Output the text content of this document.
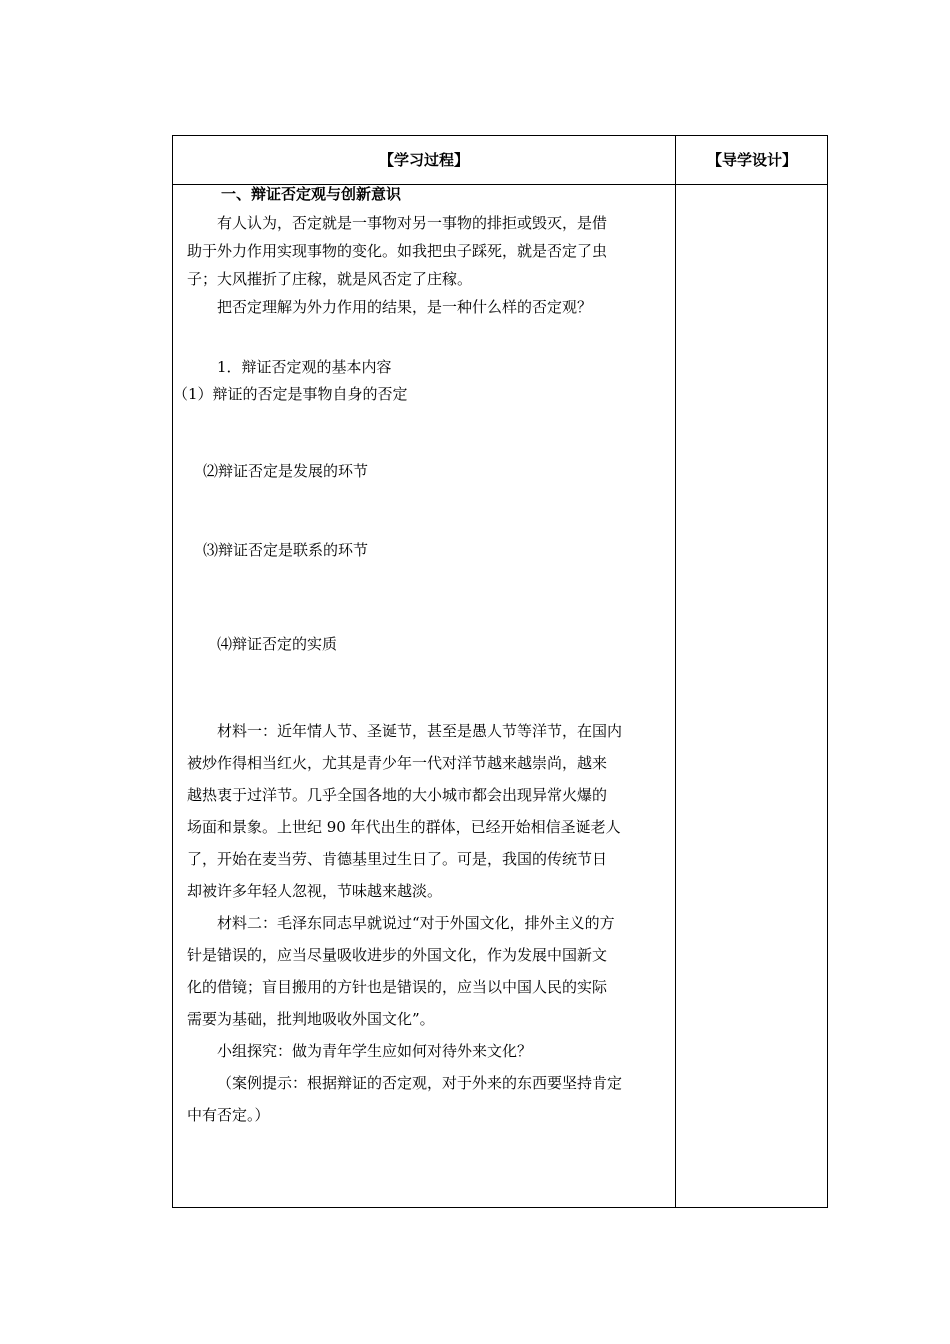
【学习过程】	【导学设计】
一、辩证否定观与创新意识
有人认为，否定就是一事物对另一事物的排拒或毁灭，是借
助于外力作用实现事物的变化。如我把虫子踩死，就是否定了虫
子；大风摧折了庄稼，就是风否定了庄稼。
把否定理解为外力作用的结果，是一种什么样的否定观？
1．辩证否定观的基本内容
（1）辩证的否定是事物自身的否定
⑵辩证否定是发展的环节
⑶辩证否定是联系的环节
⑷辩证否定的实质
材料一：近年情人节、圣诞节，甚至是愚人节等洋节，在国内
被炒作得相当红火，尤其是青少年一代对洋节越来越崇尚，越来
越热衷于过洋节。几乎全国各地的大小城市都会出现异常火爆的
场面和景象。上世纪 90 年代出生的群体，已经开始相信圣诞老人
了，开始在麦当劳、肯德基里过生日了。可是，我国的传统节日
却被许多年轻人忽视，节味越来越淡。
材料二：毛泽东同志早就说过“对于外国文化，排外主义的方
针是错误的，应当尽量吸收进步的外国文化，作为发展中国新文
化的借镜；盲目搬用的方针也是错误的，应当以中国人民的实际
需要为基础，批判地吸收外国文化”。
小组探究：做为青年学生应如何对待外来文化？
（案例提示：根据辩证的否定观，对于外来的东西要坚持肯定
中有否定。）
